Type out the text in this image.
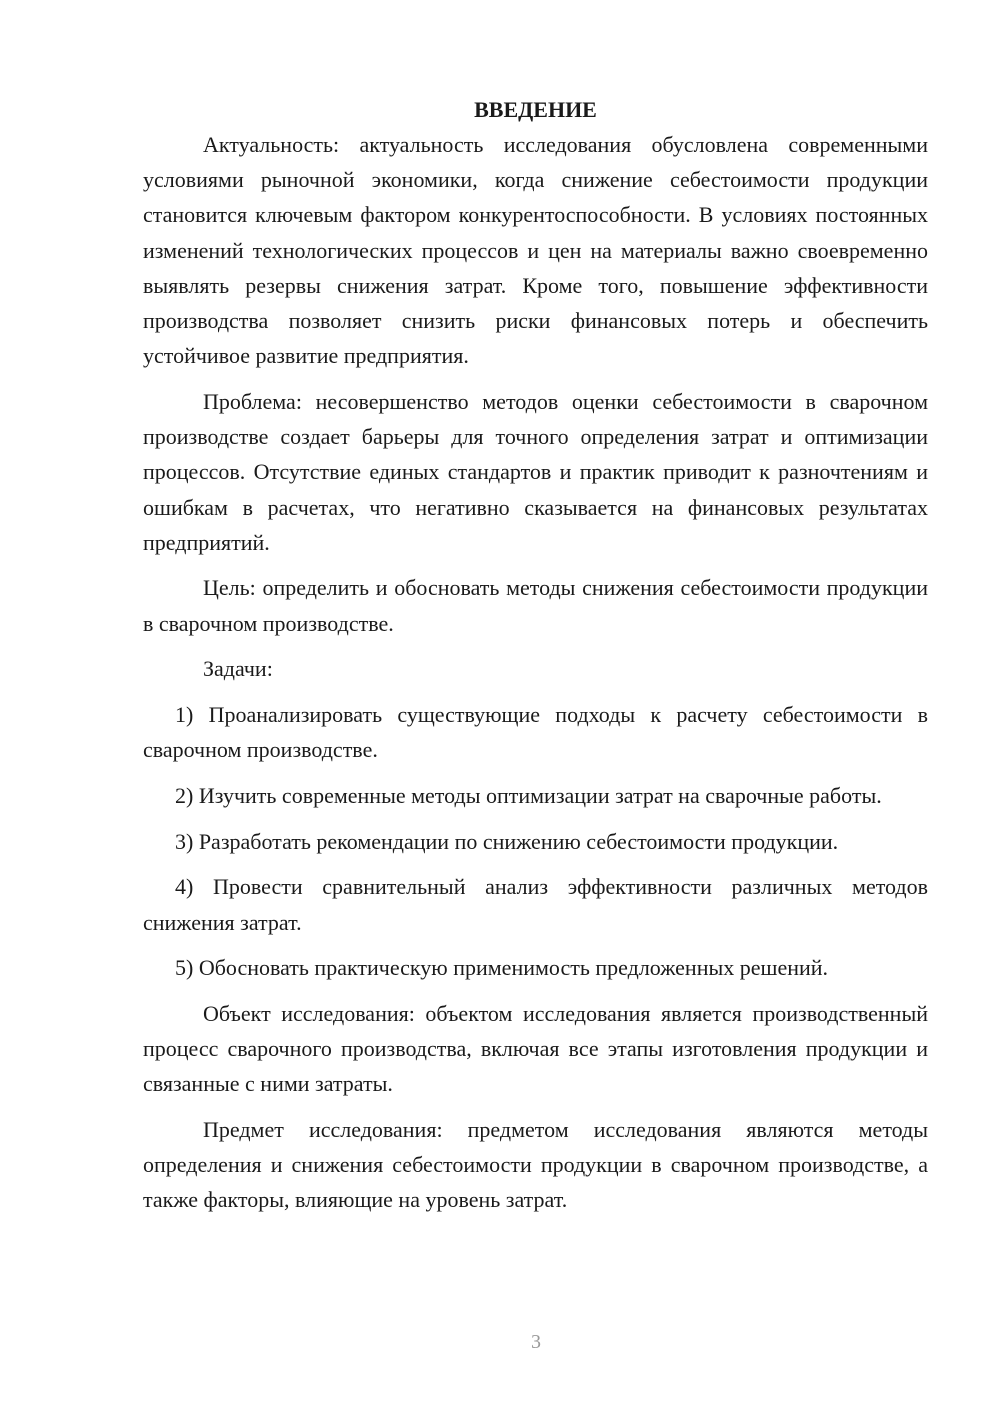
ВВЕДЕНИЕ

Актуальность: актуальность исследования обусловлена современными условиями рыночной экономики, когда снижение себестоимости продукции становится ключевым фактором конкурентоспособности. В условиях постоянных изменений технологических процессов и цен на материалы важно своевременно выявлять резервы снижения затрат. Кроме того, повышение эффективности производства позволяет снизить риски финансовых потерь и обеспечить устойчивое развитие предприятия.

Проблема: несовершенство методов оценки себестоимости в сварочном производстве создает барьеры для точного определения затрат и оптимизации процессов. Отсутствие единых стандартов и практик приводит к разночтениям и ошибкам в расчетах, что негативно сказывается на финансовых результатах предприятий.

Цель: определить и обосновать методы снижения себестоимости продукции в сварочном производстве.

Задачи:

1) Проанализировать существующие подходы к расчету себестоимости в сварочном производстве.

2) Изучить современные методы оптимизации затрат на сварочные работы.

3) Разработать рекомендации по снижению себестоимости продукции.

4) Провести сравнительный анализ эффективности различных методов снижения затрат.

5) Обосновать практическую применимость предложенных решений.

Объект исследования: объектом исследования является производственный процесс сварочного производства, включая все этапы изготовления продукции и связанные с ними затраты.

Предмет исследования: предметом исследования являются методы определения и снижения себестоимости продукции в сварочном производстве, а также факторы, влияющие на уровень затрат.

3
